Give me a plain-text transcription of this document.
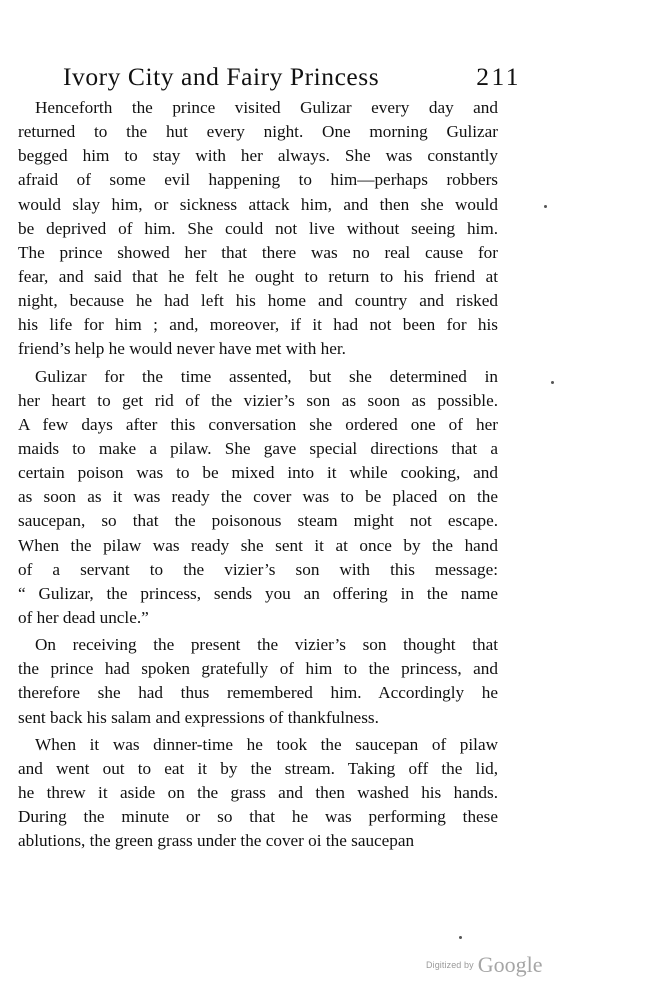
Ivory City and Fairy Princess	211
Henceforth the prince visited Gulizar every day and
returned to the hut every night. One morning Gulizar
begged him to stay with her always. She was constantly
afraid of some evil happening to him—perhaps robbers
would slay him, or sickness attack him, and then she would
be deprived of him. She could not live without seeing him.
The prince showed her that there was no real cause for
fear, and said that he felt he ought to return to his friend at
night, because he had left his home and country and risked
his life for him ; and, moreover, if it had not been for his
friend’s help he would never have met with her.
Gulizar for the time assented, but she determined in
her heart to get rid of the vizier’s son as soon as possible.
A few days after this conversation she ordered one of her
maids to make a pilaw. She gave special directions that a
certain poison was to be mixed into it while cooking, and
as soon as it was ready the cover was to be placed on the
saucepan, so that the poisonous steam might not escape.
When the pilaw was ready she sent it at once by the hand
of a servant to the vizier’s son with this message:
“ Gulizar, the princess, sends you an offering in the name
of her dead uncle.”
On receiving the present the vizier’s son thought that
the prince had spoken gratefully of him to the princess, and
therefore she had thus remembered him. Accordingly he
sent back his salam and expressions of thankfulness.
When it was dinner-time he took the saucepan of pilaw
and went out to eat it by the stream. Taking off the lid,
he threw it aside on the grass and then washed his hands.
During the minute or so that he was performing these
ablutions, the green grass under the cover oi the saucepan
Digitized by Google
